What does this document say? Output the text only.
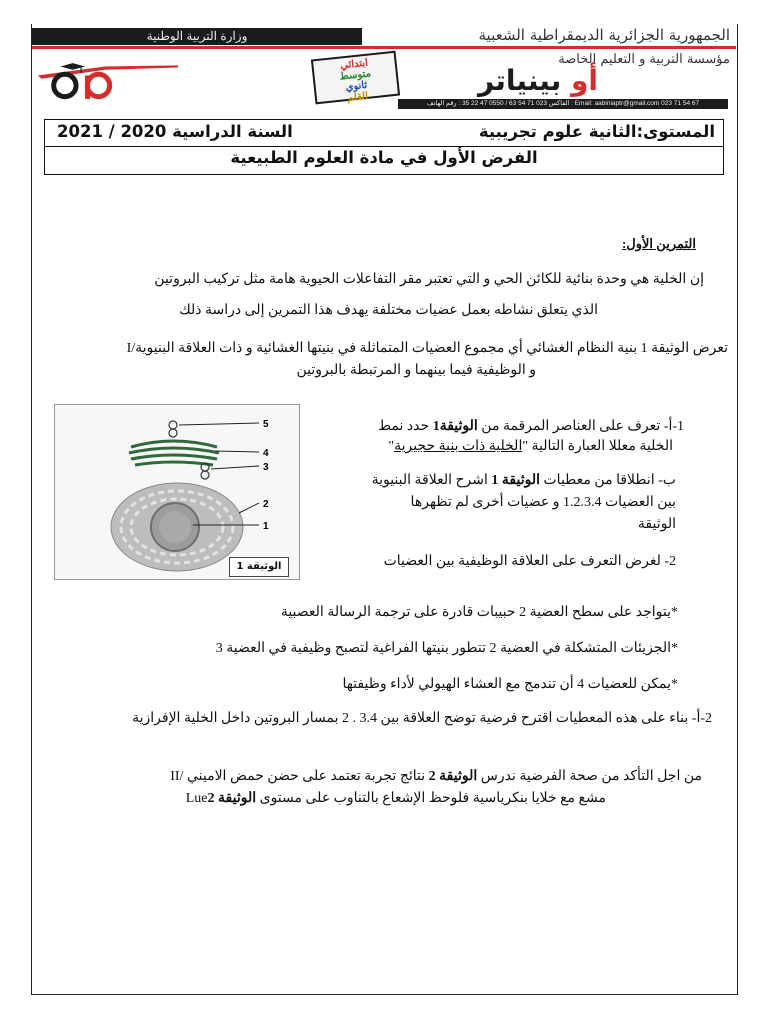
الجمهورية الجزائرية الديمقراطية الشعبية
وزارة التربية الوطنية
ابتدائي
متوسط
ثانوي
القلم
مؤسسة التربية و التعليم الخاصة
أو بينياتر
Email: aabiniaptr@gmail.com 023 71 54 67 : الفاكس 023 71 54 63 / 0550 47 22 35 : رقم الهاتف
المستوى:الثانية علوم تجريبية
السنة الدراسية 2020 / 2021
الفرض الأول في مادة العلوم الطبيعية
التمرين الأول:
إن الخلية هي وحدة بنائية للكائن الحي و التي تعتبر مقر التفاعلات الحيوية هامة مثل تركيب البروتين
الذي يتعلق نشاطه بعمل عضيات مختلفة يهدف هذا التمرين إلى دراسة ذلك
I/تعرض الوثيقة 1 بنية النظام الغشائي أي مجموع العضيات المتماثلة في بنيتها الغشائية و ذات العلاقة البنيوية
و الوظيفية فيما بينهما و المرتبطة بالبروتين
1-أ- تعرف على العناصر المرقمة من الوثيقة1 حدد نمط
الخلية معللا العبارة التالية "الخلية ذات بنية حجيرية"
ب- انطلاقا من معطيات الوثيقة 1 اشرح العلاقة البنيوية
بين العضيات 1.2.3.4 و عضيات أخرى لم تظهرها
الوثيقة
2- لغرض التعرف على العلاقة الوظيفية بين العضيات
5
4
3
2
1
الوثيقة 1
*يتواجد على سطح العضية 2 حبيبات قادرة على ترجمة الرسالة العصبية
*الجزيئات المتشكلة في العضية 2 تتطور بنيتها الفراغية لتصبح وظيفية في العضية 3
*يمكن للعضيات 4 أن تندمج مع العشاء الهيولي لأداء وظيفتها
2-أ- بناء على هذه المعطيات اقترح فرضية توضح العلاقة بين 3.4 . 2 بمسار البروتين داخل الخلية الإفرازية
II/ من اجل التأكد من صحة الفرضية ندرس الوثيقة 2 نتائج تجربة تعتمد على حضن حمض الاميني
Lue	مشع مع خلايا بنكرياسية فلوحظ الإشعاع بالتناوب على مستوى الوثيقة 2
